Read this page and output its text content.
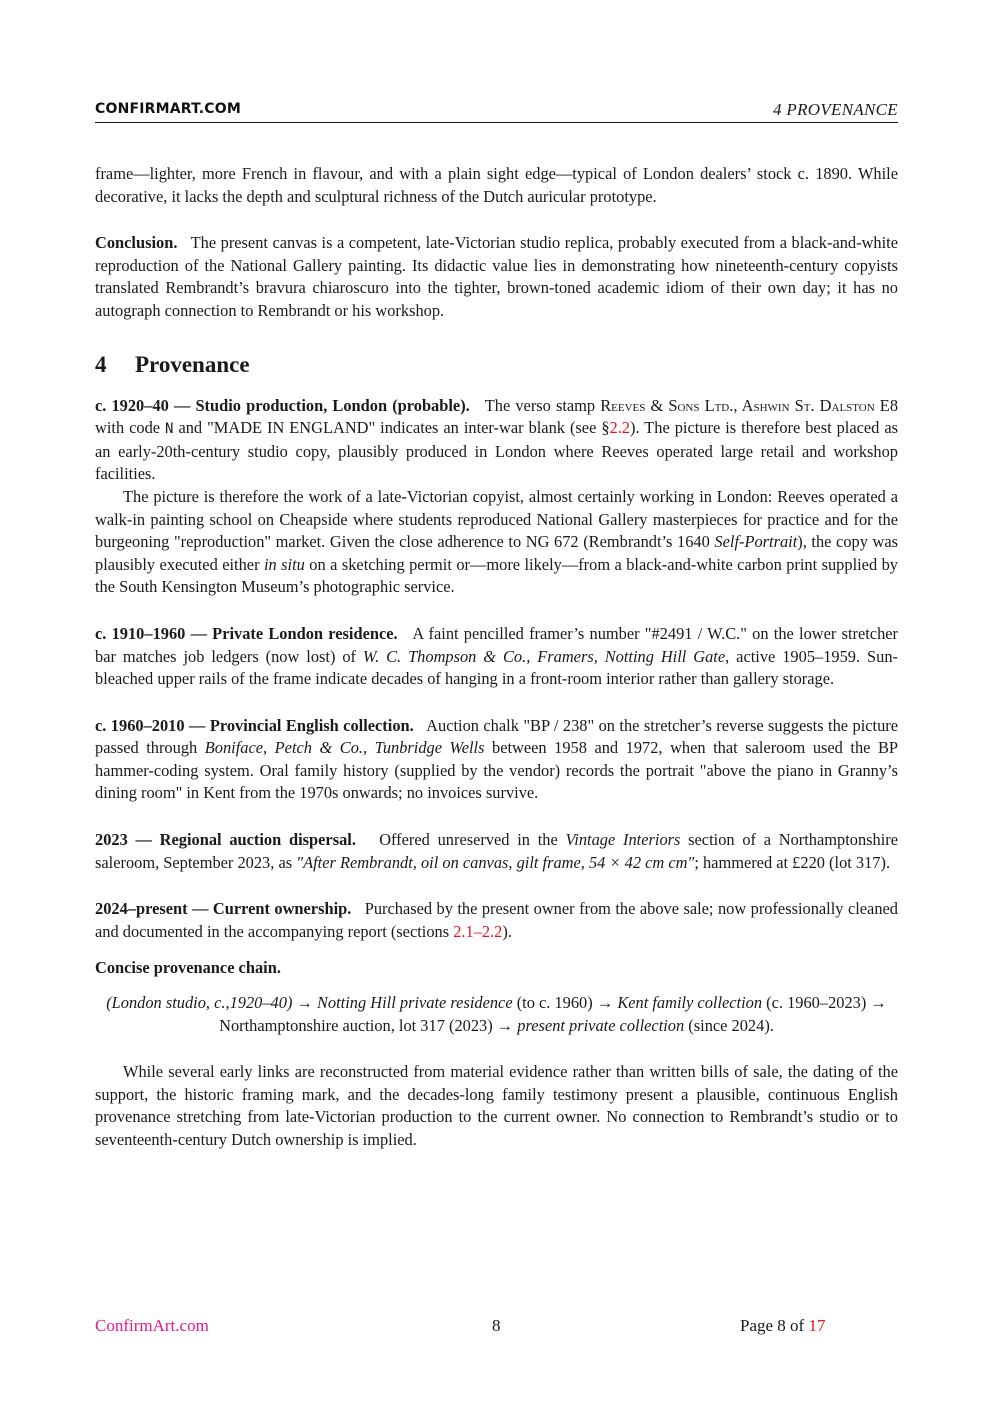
CONFIRMART.COM	4 PROVENANCE

frame—lighter, more French in flavour, and with a plain sight edge—typical of London dealers’ stock c. 1890. While decorative, it lacks the depth and sculptural richness of the Dutch auricular prototype.

Conclusion. The present canvas is a competent, late-Victorian studio replica, probably executed from a black-and-white reproduction of the National Gallery painting. Its didactic value lies in demonstrating how nineteenth-century copyists translated Rembrandt’s bravura chiaroscuro into the tighter, brown-toned academic idiom of their own day; it has no autograph connection to Rembrandt or his workshop.

4 Provenance

c. 1920–40 — Studio production, London (probable). The verso stamp Reeves & Sons Ltd., Ashwin St. Dalston E8 with code N and "MADE IN ENGLAND" indicates an inter-war blank (see §2.2). The picture is therefore best placed as an early-20th-century studio copy, plausibly produced in London where Reeves operated large retail and workshop facilities.

The picture is therefore the work of a late-Victorian copyist, almost certainly working in London: Reeves operated a walk-in painting school on Cheapside where students reproduced National Gallery masterpieces for practice and for the burgeoning "reproduction" market. Given the close adherence to NG 672 (Rembrandt’s 1640 Self-Portrait), the copy was plausibly executed either in situ on a sketching permit or—more likely—from a black-and-white carbon print supplied by the South Kensington Museum’s photographic service.

c. 1910–1960 — Private London residence. A faint pencilled framer’s number "#2491 / W.C." on the lower stretcher bar matches job ledgers (now lost) of W. C. Thompson & Co., Framers, Notting Hill Gate, active 1905–1959. Sun-bleached upper rails of the frame indicate decades of hanging in a front-room interior rather than gallery storage.

c. 1960–2010 — Provincial English collection. Auction chalk "BP / 238" on the stretcher’s reverse suggests the picture passed through Boniface, Petch & Co., Tunbridge Wells between 1958 and 1972, when that saleroom used the BP hammer-coding system. Oral family history (supplied by the vendor) records the portrait "above the piano in Granny’s dining room" in Kent from the 1970s onwards; no invoices survive.

2023 — Regional auction dispersal. Offered unreserved in the Vintage Interiors section of a Northamptonshire saleroom, September 2023, as "After Rembrandt, oil on canvas, gilt frame, 54 × 42 cm cm"; hammered at £220 (lot 317).

2024–present — Current ownership. Purchased by the present owner from the above sale; now professionally cleaned and documented in the accompanying report (sections 2.1–2.2).

Concise provenance chain.

(London studio, c.,1920–40) → Notting Hill private residence (to c. 1960) → Kent family collection (c. 1960–2023) → Northamptonshire auction, lot 317 (2023) → present private collection (since 2024).

While several early links are reconstructed from material evidence rather than written bills of sale, the dating of the support, the historic framing mark, and the decades-long family testimony present a plausible, continuous English provenance stretching from late-Victorian production to the current owner. No connection to Rembrandt’s studio or to seventeenth-century Dutch ownership is implied.

ConfirmArt.com	8	Page 8 of 17
